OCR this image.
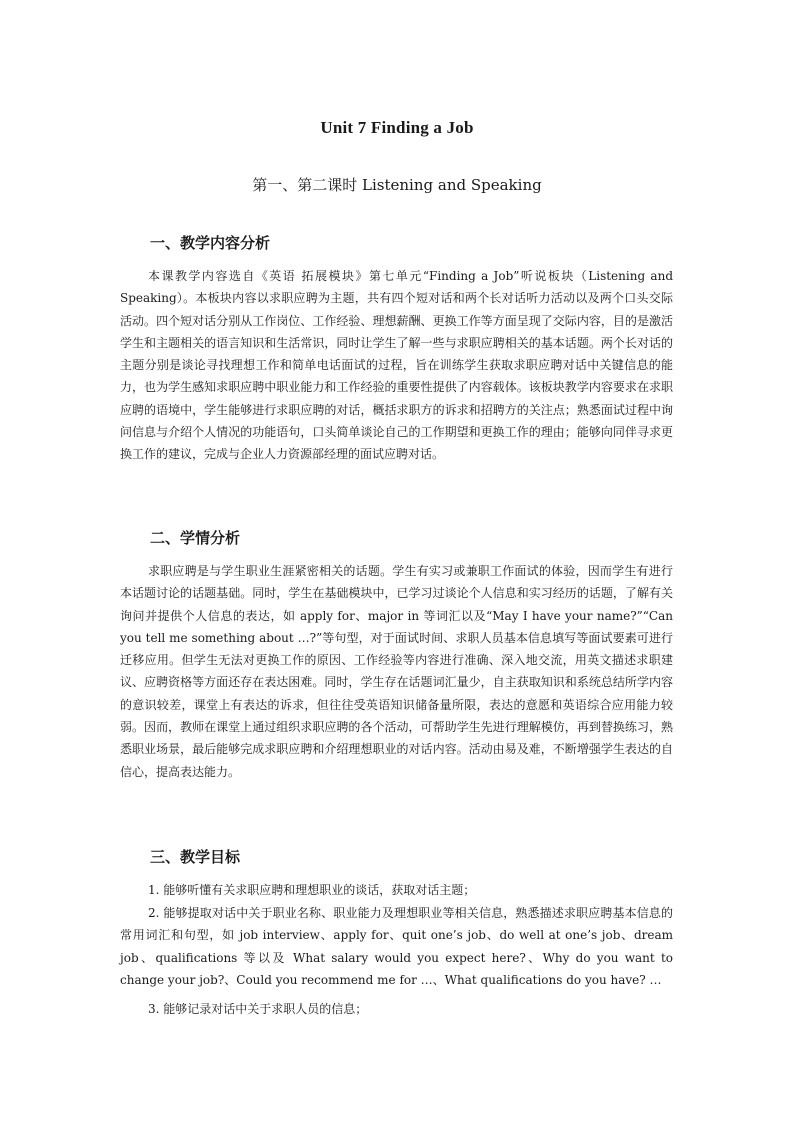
Unit 7 Finding a Job
第一、第二课时 Listening and Speaking
一、教学内容分析

本课教学内容选自《英语 拓展模块》第七单元“Finding a Job”听说板块（Listening and Speaking）。本板块内容以求职应聘为主题，共有四个短对话和两个长对话听力活动以及两个口头交际活动。四个短对话分别从工作岗位、工作经验、理想薪酬、更换工作等方面呈现了交际内容，目的是激活学生和主题相关的语言知识和生活常识，同时让学生了解一些与求职应聘相关的基本话题。两个长对话的主题分别是谈论寻找理想工作和简单电话面试的过程，旨在训练学生获取求职应聘对话中关键信息的能力，也为学生感知求职应聘中职业能力和工作经验的重要性提供了内容载体。该板块教学内容要求在求职应聘的语境中，学生能够进行求职应聘的对话，概括求职方的诉求和招聘方的关注点；熟悉面试过程中询问信息与介绍个人情况的功能语句，口头简单谈论自己的工作期望和更换工作的理由；能够向同伴寻求更换工作的建议，完成与企业人力资源部经理的面试应聘对话。

二、学情分析

求职应聘是与学生职业生涯紧密相关的话题。学生有实习或兼职工作面试的体验，因而学生有进行本话题讨论的话题基础。同时，学生在基础模块中，已学习过谈论个人信息和实习经历的话题，了解有关询问并提供个人信息的表达，如 apply for、major in 等词汇以及“May I have your name?”“Can you tell me something about …?”等句型，对于面试时间、求职人员基本信息填写等面试要素可进行迁移应用。但学生无法对更换工作的原因、工作经验等内容进行准确、深入地交流，用英文描述求职建议、应聘资格等方面还存在表达困难。同时，学生存在话题词汇量少，自主获取知识和系统总结所学内容的意识较差，课堂上有表达的诉求，但往往受英语知识储备量所限，表达的意愿和英语综合应用能力较弱。因而，教师在课堂上通过组织求职应聘的各个活动，可帮助学生先进行理解模仿，再到替换练习，熟悉职业场景，最后能够完成求职应聘和介绍理想职业的对话内容。活动由易及难，不断增强学生表达的自信心，提高表达能力。

三、教学目标

1. 能够听懂有关求职应聘和理想职业的谈话，获取对话主题；

2. 能够提取对话中关于职业名称、职业能力及理想职业等相关信息，熟悉描述求职应聘基本信息的常用词汇和句型，如 job interview、apply for、quit one’s job、do well at one’s job、dream job、qualifications 等以及 What salary would you expect here?、Why do you want to change your job?、Could you recommend me for …、What qualifications do you have? …

3. 能够记录对话中关于求职人员的信息；
